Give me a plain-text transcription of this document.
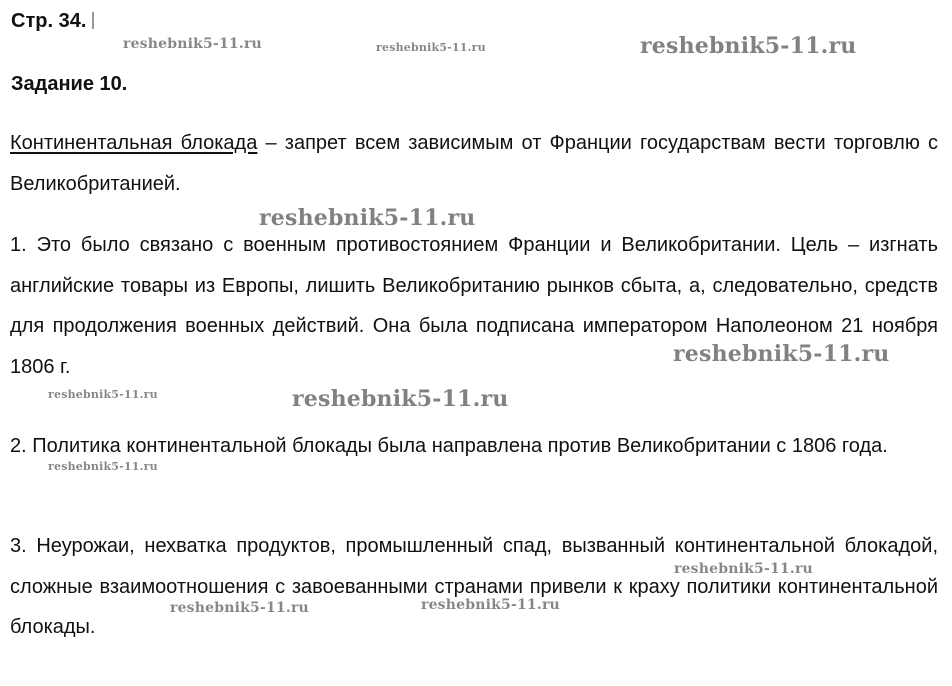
Стр. 34.

Задание 10.

Континентальная блокада – запрет всем зависимым от Франции государствам вести торговлю с Великобританией.

1. Это было связано с военным противостоянием Франции и Великобритании. Цель – изгнать английские товары из Европы, лишить Великобританию рынков сбыта, а, следовательно, средств для продолжения военных действий. Она была подписана императором Наполеоном 21 ноября 1806 г.

2. Политика континентальной блокады была направлена против Великобритании с 1806 года.

3. Неурожаи, нехватка продуктов, промышленный спад, вызванный континентальной блокадой, сложные взаимоотношения с завоеванными странами привели к краху политики континентальной блокады.

reshebnik5-11.ru	reshebnik5-11.ru	reshebnik5-11.ru
reshebnik5-11.ru
reshebnik5-11.ru
reshebnik5-11.ru	reshebnik5-11.ru
reshebnik5-11.ru
reshebnik5-11.ru
reshebnik5-11.ru	reshebnik5-11.ru
